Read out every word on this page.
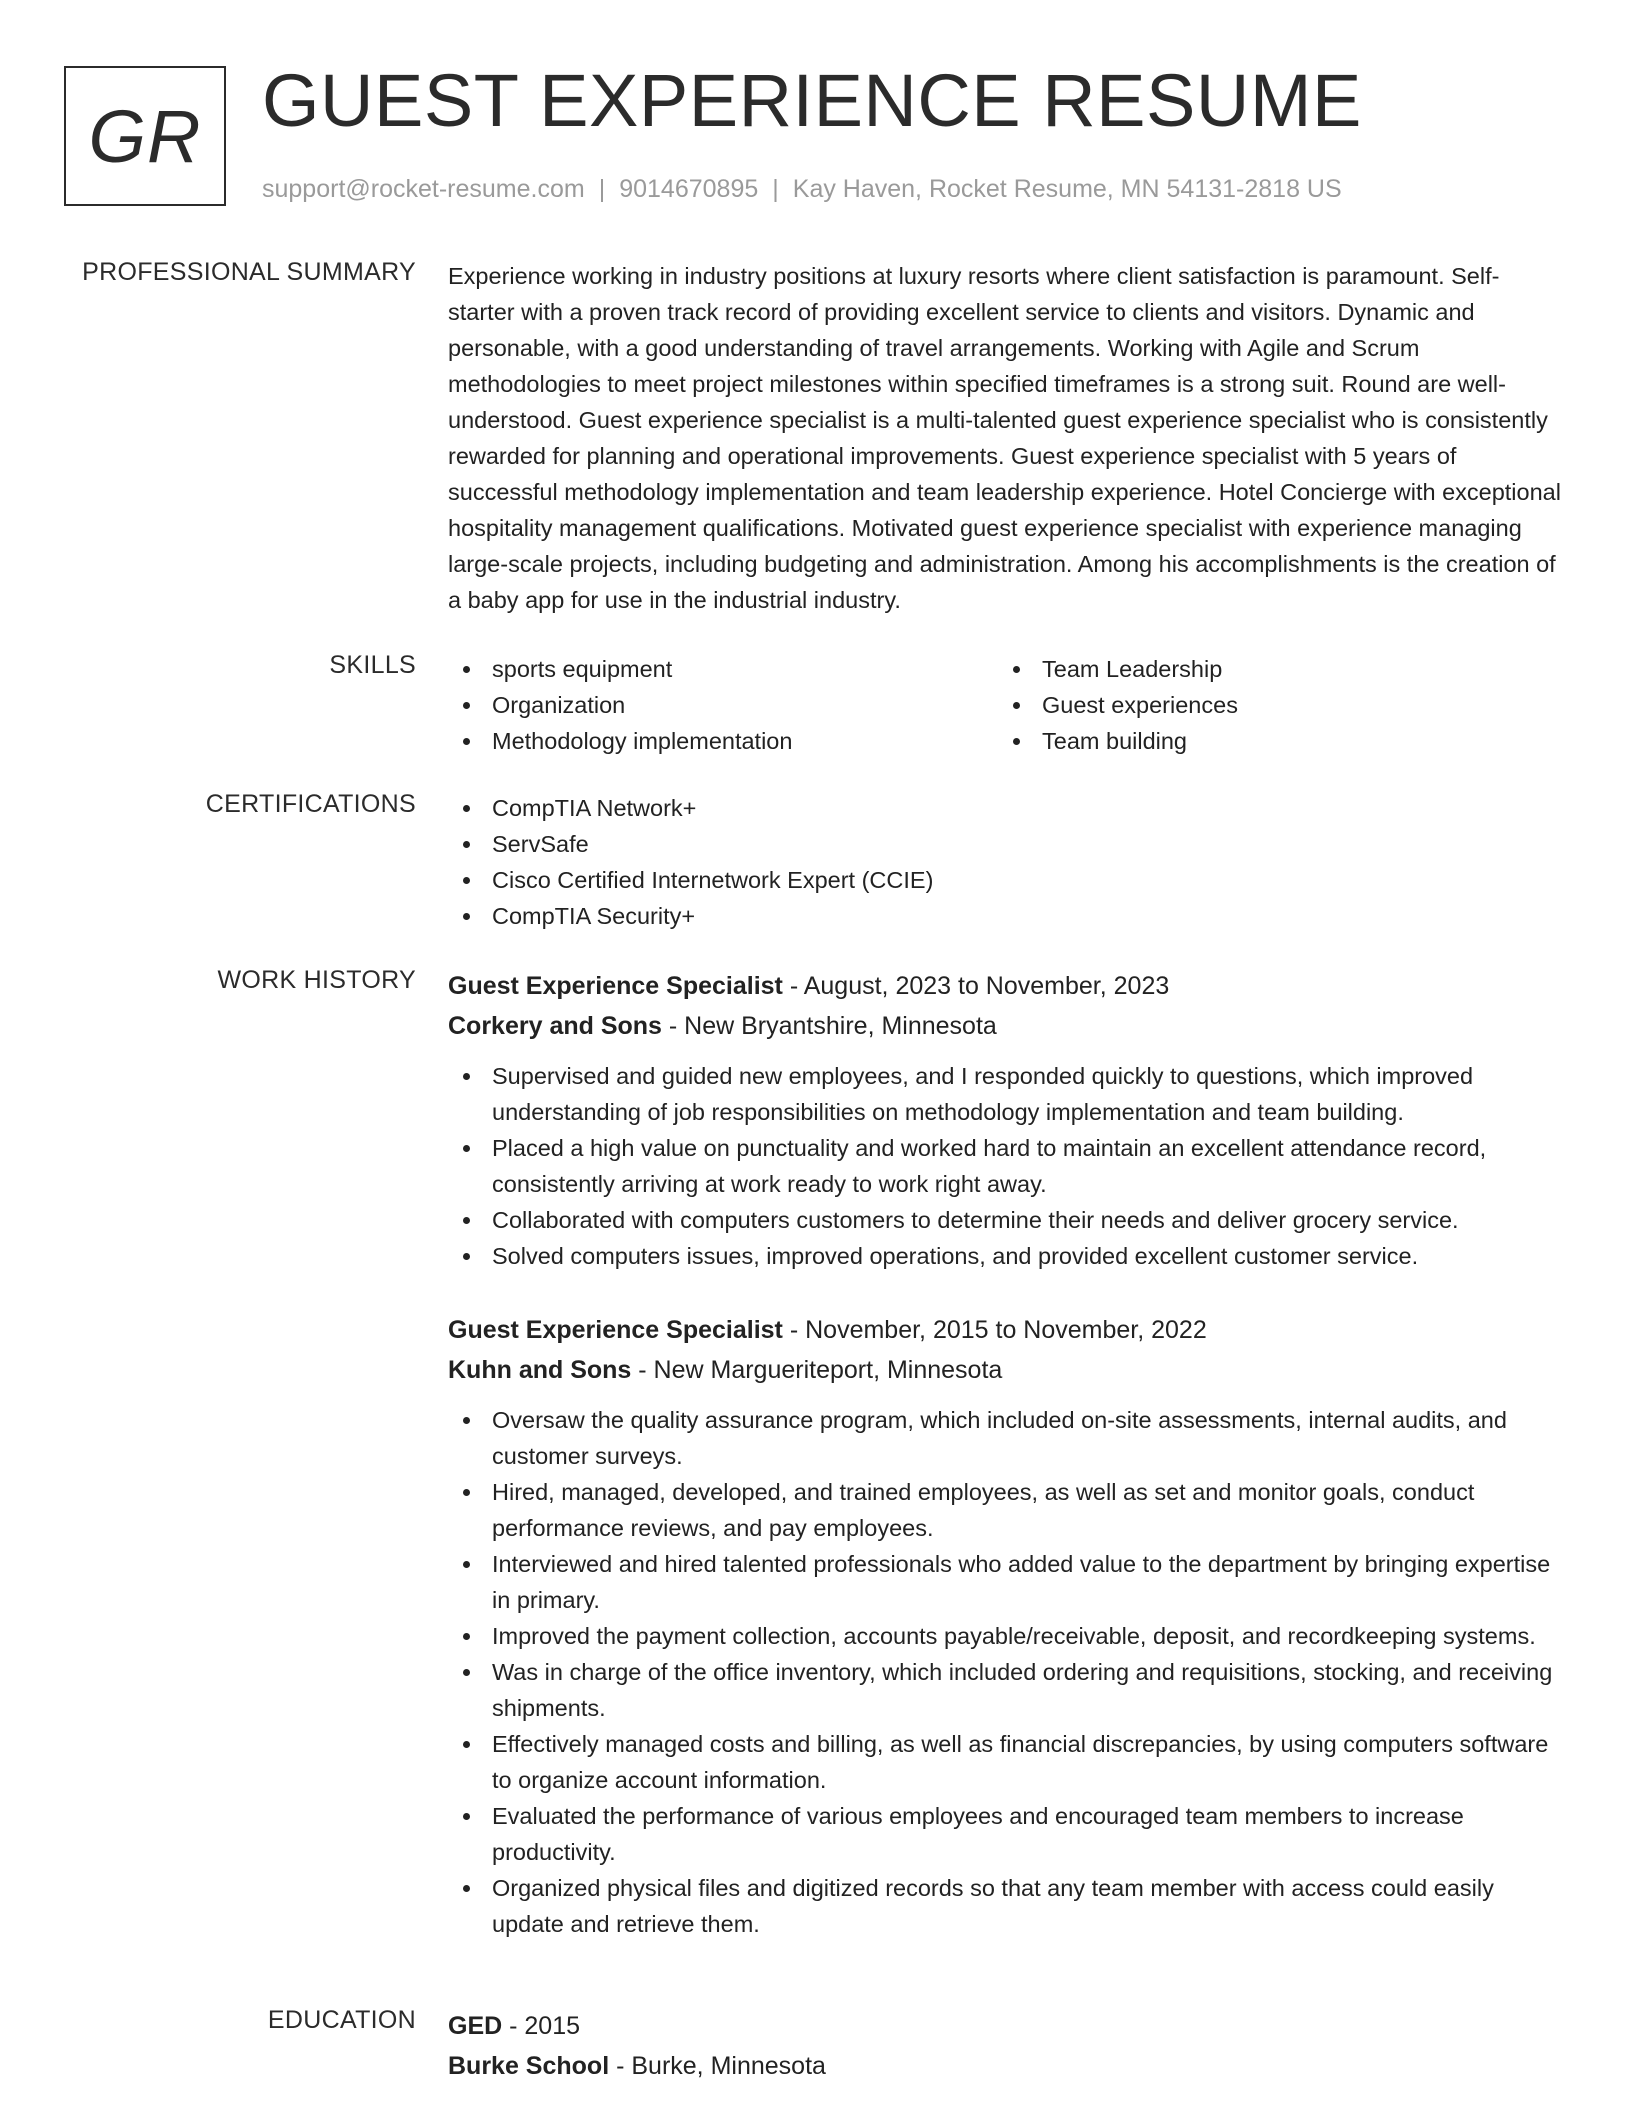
GR GUEST EXPERIENCE RESUME
support@rocket-resume.com | 9014670895 | Kay Haven, Rocket Resume, MN 54131-2818 US
PROFESSIONAL SUMMARY Experience working in industry positions at luxury resorts where client satisfaction is paramount. Self-starter with a proven track record of providing excellent service to clients and visitors. Dynamic and personable, with a good understanding of travel arrangements. Working with Agile and Scrum methodologies to meet project milestones within specified timeframes is a strong suit. Round are well-understood. Guest experience specialist is a multi-talented guest experience specialist who is consistently rewarded for planning and operational improvements. Guest experience specialist with 5 years of successful methodology implementation and team leadership experience. Hotel Concierge with exceptional hospitality management qualifications. Motivated guest experience specialist with experience managing large-scale projects, including budgeting and administration. Among his accomplishments is the creation of a baby app for use in the industrial industry.

SKILLS	sports equipment
Organization
Methodology implementation
Team Leadership
Guest experiences
Team building
CERTIFICATIONS	CompTIA Network+
ServSafe
Cisco Certified Internetwork Expert (CCIE)
CompTIA Security+
WORK HISTORY Guest Experience Specialist - August, 2023 to November, 2023
Corkery and Sons - New Bryantshire, Minnesota
Supervised and guided new employees, and I responded quickly to questions, which improved understanding of job responsibilities on methodology implementation and team building.
Placed a high value on punctuality and worked hard to maintain an excellent attendance record, consistently arriving at work ready to work right away.
Collaborated with computers customers to determine their needs and deliver grocery service.
Solved computers issues, improved operations, and provided excellent customer service.
Guest Experience Specialist - November, 2015 to November, 2022
Kuhn and Sons - New Margueriteport, Minnesota
Oversaw the quality assurance program, which included on-site assessments, internal audits, and customer surveys.
Hired, managed, developed, and trained employees, as well as set and monitor goals, conduct performance reviews, and pay employees.
Interviewed and hired talented professionals who added value to the department by bringing expertise in primary.
Improved the payment collection, accounts payable/receivable, deposit, and recordkeeping systems.
Was in charge of the office inventory, which included ordering and requisitions, stocking, and receiving shipments.
Effectively managed costs and billing, as well as financial discrepancies, by using computers software to organize account information.
Evaluated the performance of various employees and encouraged team members to increase productivity.
Organized physical files and digitized records so that any team member with access could easily update and retrieve them.
EDUCATION GED - 2015
Burke School - Burke, Minnesota
